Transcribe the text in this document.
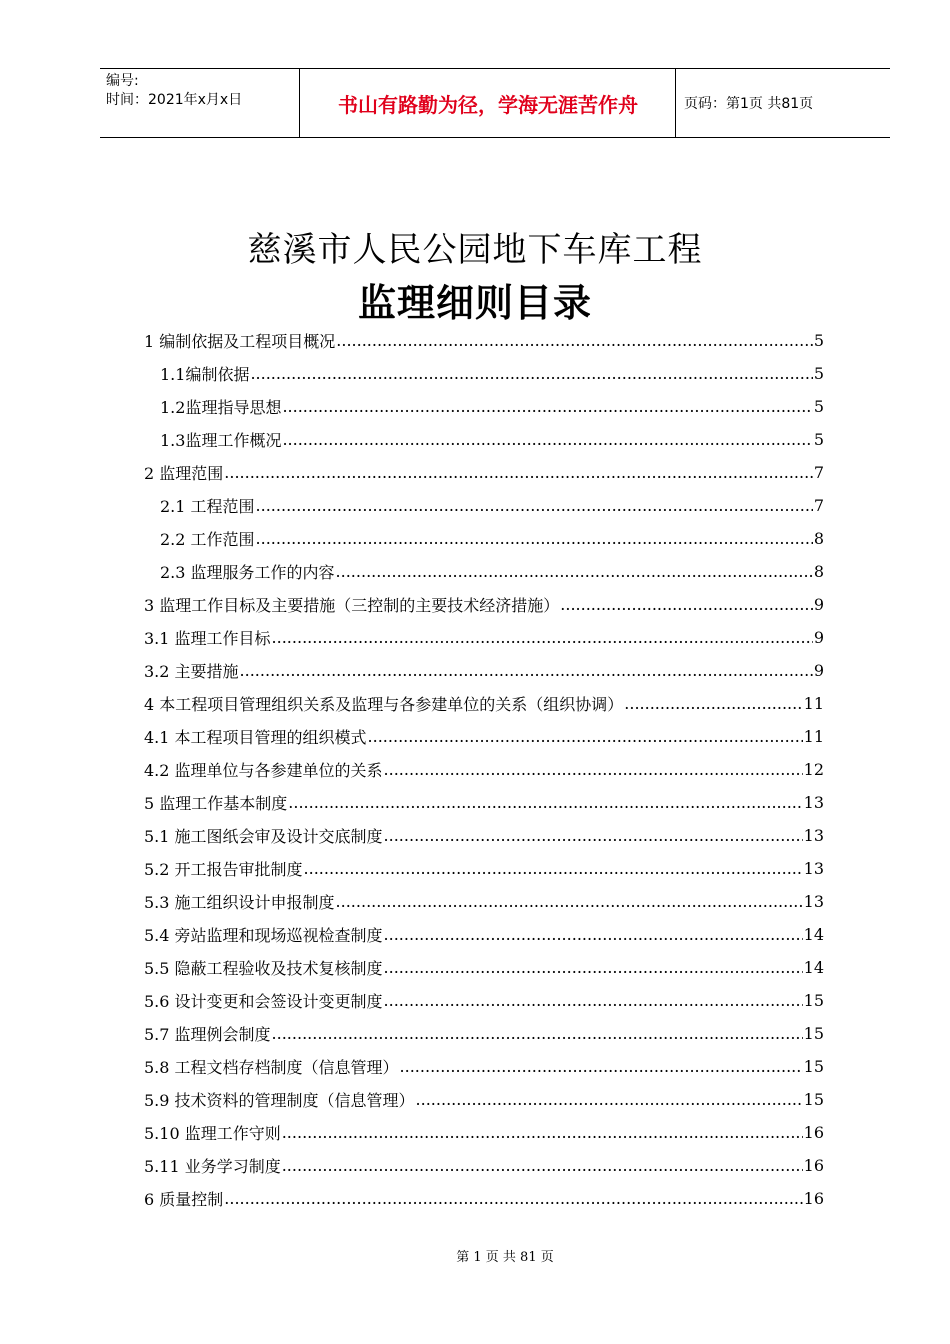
编号:
时间：2021年x月x日	书山有路勤为径，学海无涯苦作舟	页码：第1页 共81页
慈溪市人民公园地下车库工程
监理细则目录
1 编制依据及工程项目概况 .....	5
1.1编制依据 .....	5
1.2监理指导思想 .....	5
1.3监理工作概况 .....	5
2 监理范围 .....	7
2.1 工程范围 .....	7
2.2 工作范围 .....	8
2.3 监理服务工作的内容 .....	8
3 监理工作目标及主要措施（三控制的主要技术经济措施） .....	9
3.1 监理工作目标 .....	9
3.2 主要措施 .....	9
4 本工程项目管理组织关系及监理与各参建单位的关系（组织协调） .....	11
4.1 本工程项目管理的组织模式 .....	11
4.2 监理单位与各参建单位的关系 .....	12
5 监理工作基本制度 .....	13
5.1 施工图纸会审及设计交底制度 .....	13
5.2 开工报告审批制度 .....	13
5.3 施工组织设计申报制度 .....	13
5.4 旁站监理和现场巡视检查制度 .....	14
5.5 隐蔽工程验收及技术复核制度 .....	14
5.6 设计变更和会签设计变更制度 .....	15
5.7 监理例会制度 .....	15
5.8 工程文档存档制度（信息管理） .....	15
5.9 技术资料的管理制度（信息管理） .....	15
5.10 监理工作守则 .....	16
5.11 业务学习制度 .....	16
6 质量控制 .....	16
第 1 页 共 81 页
